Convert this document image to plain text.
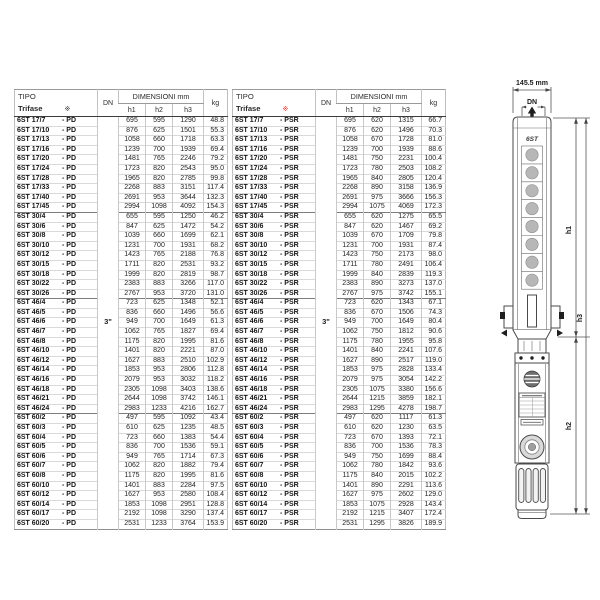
TIPO
Trifase ※	DN	DIMENSIONI mm			kg
		h1	h2	h3	
6ST 17/7 - PD	3"	695	595	1290	48.8
6ST 17/10 - PD		876	625	1501	55.3
6ST 17/13 - PD		1058	660	1718	63.3
6ST 17/16 - PD		1239	700	1939	69.4
6ST 17/20 - PD		1481	765	2246	79.2
6ST 17/24 - PD		1723	820	2543	95.0
6ST 17/28 - PD		1965	820	2785	99.8
6ST 17/33 - PD		2268	883	3151	117.4
6ST 17/40 - PD		2691	953	3644	132.3
6ST 17/45 - PD		2994	1098	4092	154.3
6ST 30/4 - PD		655	595	1250	46.2
6ST 30/6 - PD		847	625	1472	54.2
6ST 30/8 - PD		1039	660	1699	62.1
6ST 30/10 - PD		1231	700	1931	68.2
6ST 30/12 - PD		1423	765	2188	76.8
6ST 30/15 - PD		1711	820	2531	93.2
6ST 30/18 - PD		1999	820	2819	98.7
6ST 30/22 - PD		2383	883	3266	117.0
6ST 30/26 - PD		2767	953	3720	131.0
6ST 46/4 - PD		723	625	1348	52.1
6ST 46/5 - PD		836	660	1496	56.6
6ST 46/6 - PD		949	700	1649	61.3
6ST 46/7 - PD		1062	765	1827	69.4
6ST 46/8 - PD		1175	820	1995	81.6
6ST 46/10 - PD		1401	820	2221	87.0
6ST 46/12 - PD		1627	883	2510	102.9
6ST 46/14 - PD		1853	953	2806	112.8
6ST 46/16 - PD		2079	953	3032	118.2
6ST 46/18 - PD		2305	1098	3403	138.6
6ST 46/21 - PD		2644	1098	3742	146.1
6ST 46/24 - PD		2983	1233	4216	162.7
6ST 60/2 - PD		497	595	1092	43.4
6ST 60/3 - PD		610	625	1235	48.5
6ST 60/4 - PD		723	660	1383	54.4
6ST 60/5 - PD		836	700	1536	59.1
6ST 60/6 - PD		949	765	1714	67.3
6ST 60/7 - PD		1062	820	1882	79.4
6ST 60/8 - PD		1175	820	1995	81.6
6ST 60/10 - PD		1401	883	2284	97.5
6ST 60/12 - PD		1627	953	2580	108.4
6ST 60/14 - PD		1853	1098	2951	128.8
6ST 60/17 - PD		2192	1098	3290	137.4
6ST 60/20 - PD		2531	1233	3764	153.9
TIPO
Trifase ※	DN	DIMENSIONI mm			kg
		h1	h2	h3	
6ST 17/7 - PSR	3"	695	620	1315	66.7
6ST 17/10 - PSR		876	620	1496	70.3
6ST 17/13 - PSR		1058	670	1728	81.0
6ST 17/16 - PSR		1239	700	1939	88.6
6ST 17/20 - PSR		1481	750	2231	100.4
6ST 17/24 - PSR		1723	780	2503	108.2
6ST 17/28 - PSR		1965	840	2805	120.4
6ST 17/33 - PSR		2268	890	3158	136.9
6ST 17/40 - PSR		2691	975	3666	156.3
6ST 17/45 - PSR		2994	1075	4069	172.3
6ST 30/4 - PSR		655	620	1275	65.5
6ST 30/6 - PSR		847	620	1467	69.2
6ST 30/8 - PSR		1039	670	1709	79.8
6ST 30/10 - PSR		1231	700	1931	87.4
6ST 30/12 - PSR		1423	750	2173	98.0
6ST 30/15 - PSR		1711	780	2491	106.4
6ST 30/18 - PSR		1999	840	2839	119.3
6ST 30/22 - PSR		2383	890	3273	137.0
6ST 30/26 - PSR		2767	975	3742	155.1
6ST 46/4 - PSR		723	620	1343	67.1
6ST 46/5 - PSR		836	670	1506	74.3
6ST 46/6 - PSR		949	700	1649	80.4
6ST 46/7 - PSR		1062	750	1812	90.6
6ST 46/8 - PSR		1175	780	1955	95.8
6ST 46/10 - PSR		1401	840	2241	107.6
6ST 46/12 - PSR		1627	890	2517	119.0
6ST 46/14 - PSR		1853	975	2828	133.4
6ST 46/16 - PSR		2079	975	3054	142.2
6ST 46/18 - PSR		2305	1075	3380	156.6
6ST 46/21 - PSR		2644	1215	3859	182.1
6ST 46/24 - PSR		2983	1295	4278	198.7
6ST 60/2 - PSR		497	620	1117	61.3
6ST 60/3 - PSR		610	620	1230	63.5
6ST 60/4 - PSR		723	670	1393	72.1
6ST 60/5 - PSR		836	700	1536	78.3
6ST 60/6 - PSR		949	750	1699	88.4
6ST 60/7 - PSR		1062	780	1842	93.6
6ST 60/8 - PSR		1175	840	2015	102.2
6ST 60/10 - PSR		1401	890	2291	113.6
6ST 60/12 - PSR		1627	975	2602	129.0
6ST 60/14 - PSR		1853	1075	2928	143.4
6ST 60/17 - PSR		2192	1215	3407	172.4
6ST 60/20 - PSR		2531	1295	3826	189.9
145.5 mm
DN
6ST
h1
h2
h3
